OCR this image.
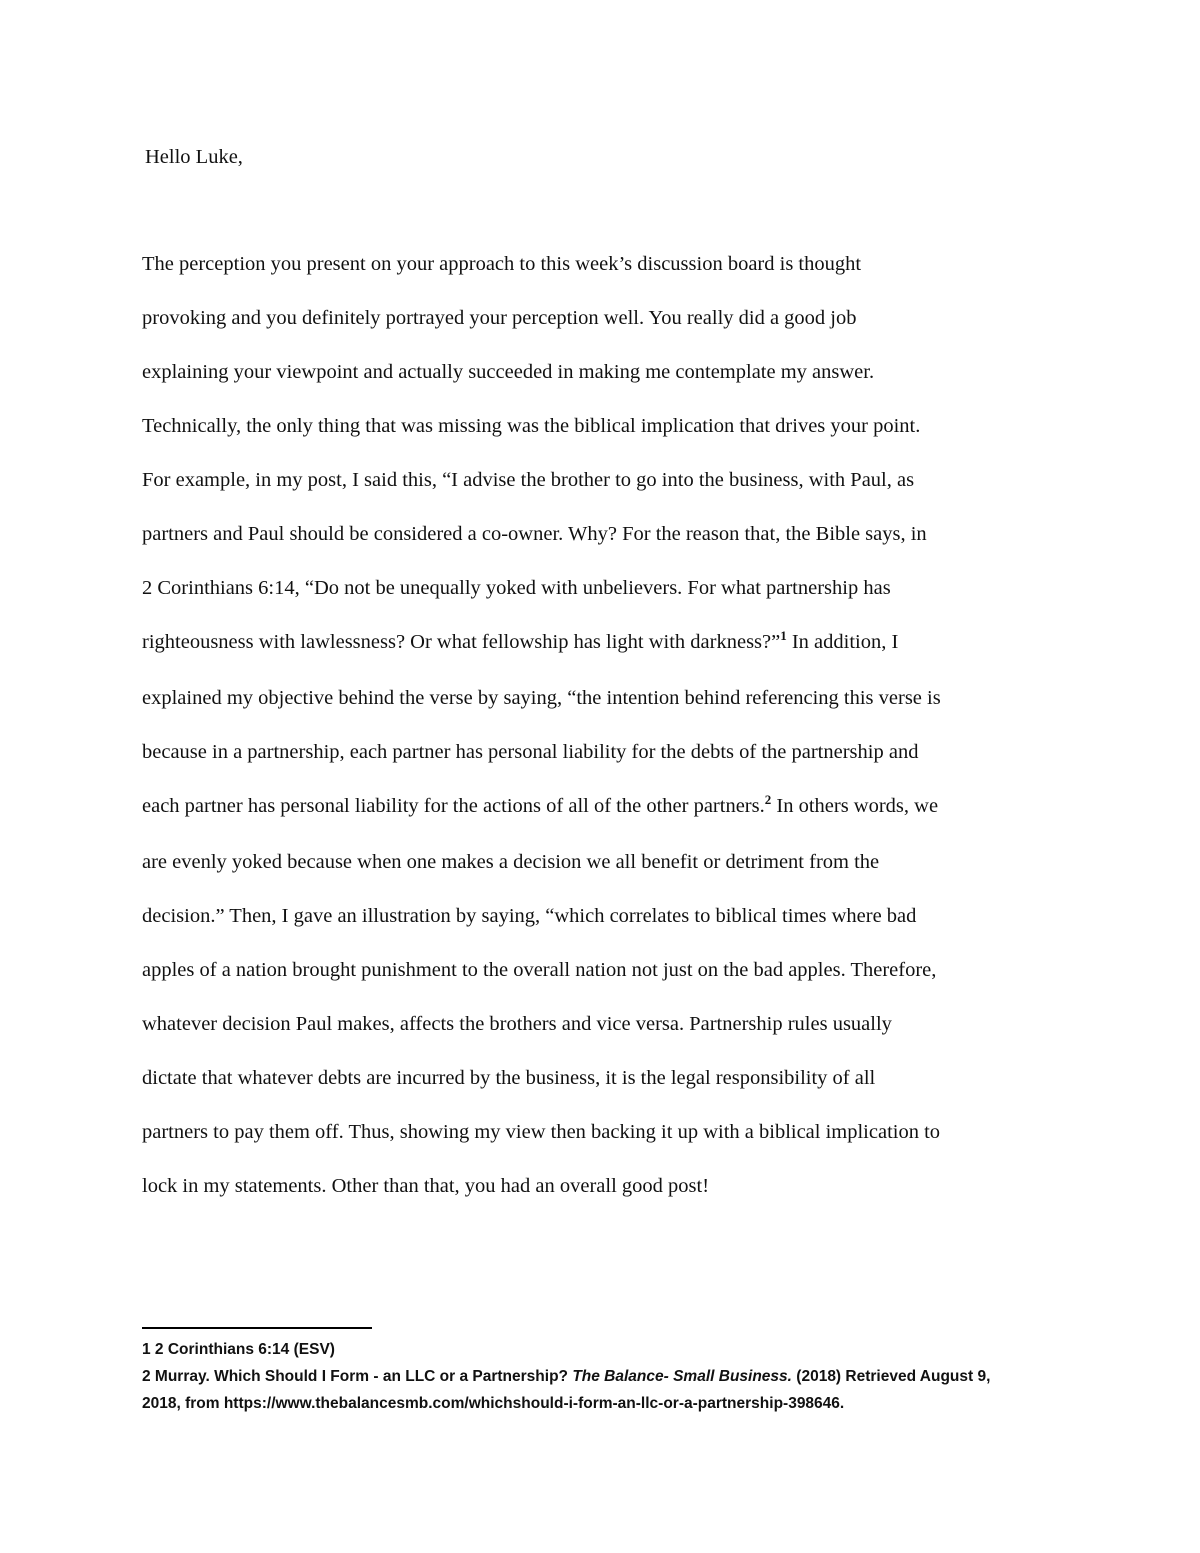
Hello Luke,
The perception you present on your approach to this week’s discussion board is thought
provoking and you definitely portrayed your perception well. You really did a good job
explaining your viewpoint and actually succeeded in making me contemplate my answer.
Technically, the only thing that was missing was the biblical implication that drives your point.
For example, in my post, I said this, “I advise the brother to go into the business, with Paul, as
partners and Paul should be considered a co-owner. Why? For the reason that, the Bible says, in
2 Corinthians 6:14, “Do not be unequally yoked with unbelievers. For what partnership has
righteousness with lawlessness? Or what fellowship has light with darkness?”$^1$ In addition, I
explained my objective behind the verse by saying, “the intention behind referencing this verse is
because in a partnership, each partner has personal liability for the debts of the partnership and
each partner has personal liability for the actions of all of the other partners.$^2$ In others words, we
are evenly yoked because when one makes a decision we all benefit or detriment from the
decision.” Then, I gave an illustration by saying, “which correlates to biblical times where bad
apples of a nation brought punishment to the overall nation not just on the bad apples. Therefore,
whatever decision Paul makes, affects the brothers and vice versa. Partnership rules usually
dictate that whatever debts are incurred by the business, it is the legal responsibility of all
partners to pay them off. Thus, showing my view then backing it up with a biblical implication to
lock in my statements. Other than that, you had an overall good post!
1 2 Corinthians 6:14 (ESV)
2 Murray. Which Should I Form - an LLC or a Partnership? The Balance- Small Business. (2018) Retrieved August 9,
2018, from https://www.thebalancesmb.com/whichshould-i-form-an-llc-or-a-partnership-398646.
